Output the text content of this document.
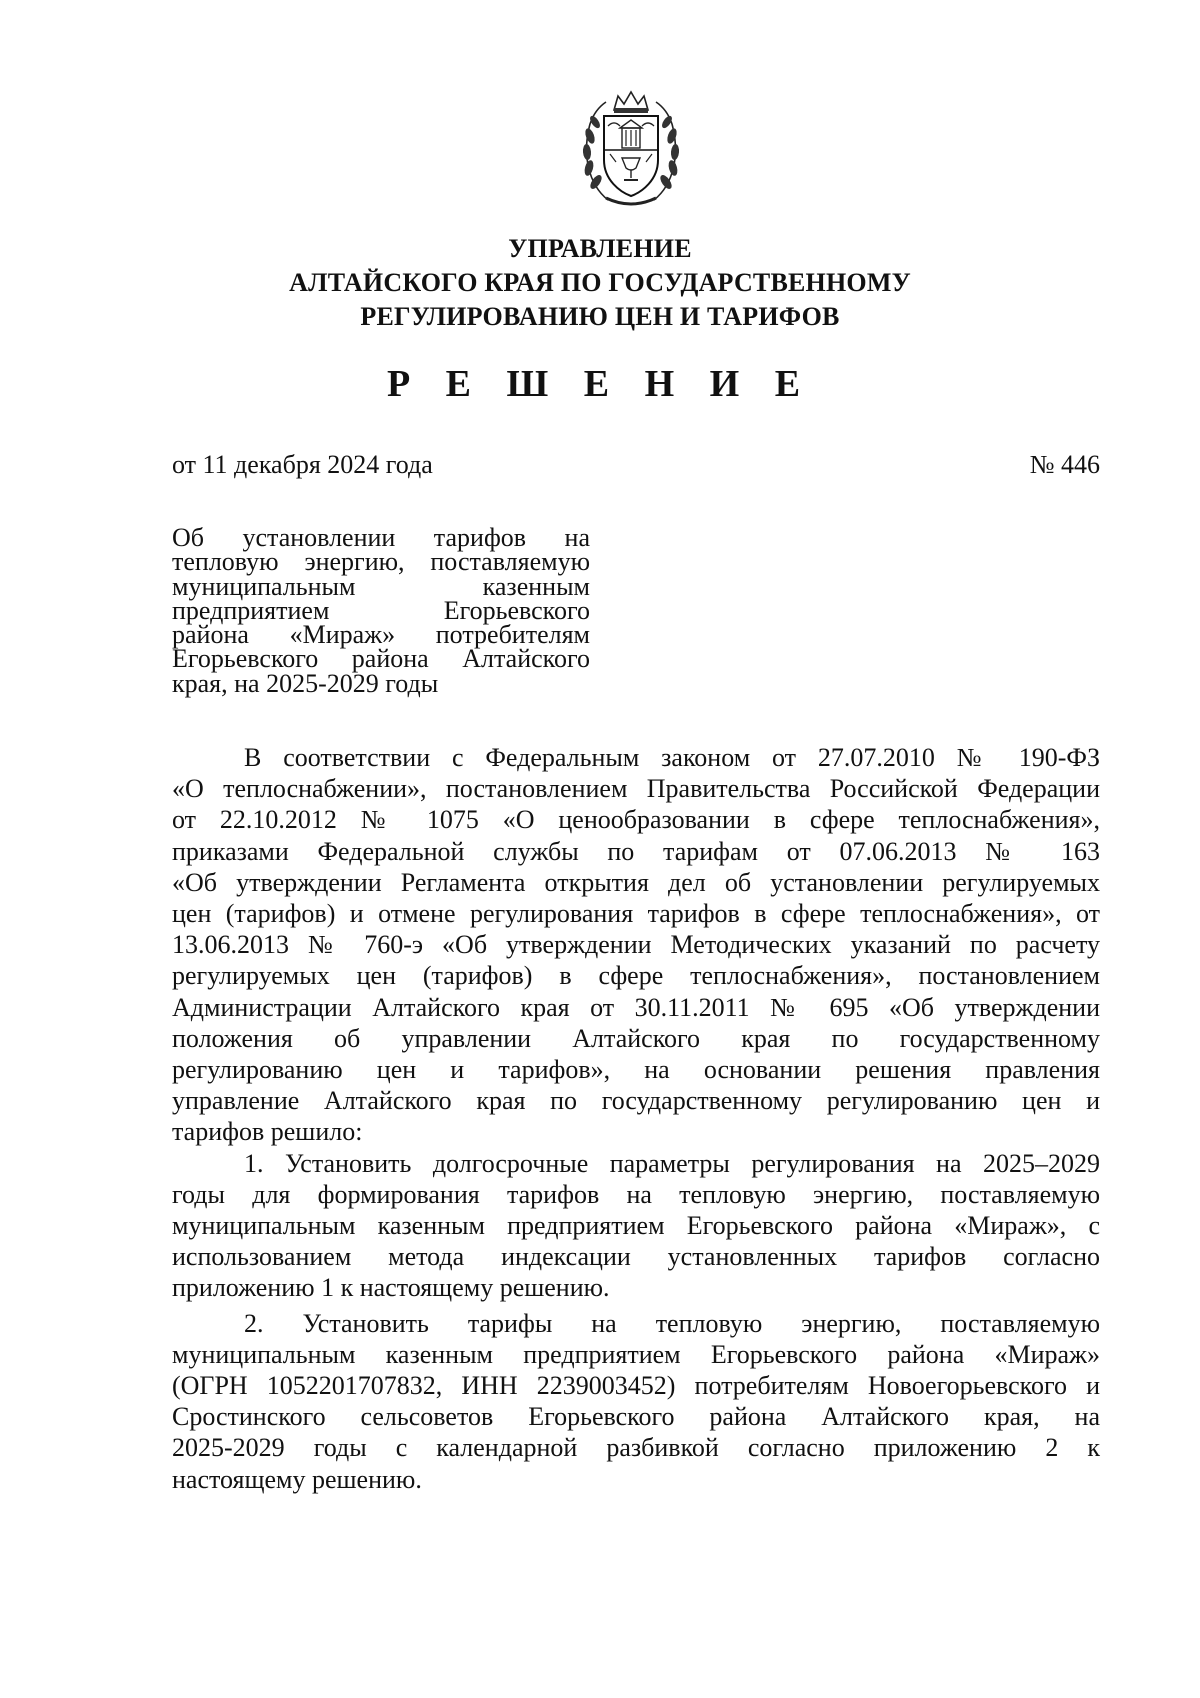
УПРАВЛЕНИЕ
АЛТАЙСКОГО КРАЯ ПО ГОСУДАРСТВЕННОМУ
РЕГУЛИРОВАНИЮ ЦЕН И ТАРИФОВ
Р Е Ш Е Н И Е
от 11 декабря 2024 года	№ 446
Об установлении тарифов на
тепловую энергию, поставляемую
муниципальным казенным
предприятием Егорьевского
района «Мираж» потребителям
Егорьевского района Алтайского
края, на 2025-2029 годы
В соответствии с Федеральным законом от 27.07.2010 № 190-ФЗ
«О теплоснабжении», постановлением Правительства Российской Федерации
от 22.10.2012 № 1075 «О ценообразовании в сфере теплоснабжения»,
приказами Федеральной службы по тарифам от 07.06.2013 № 163
«Об утверждении Регламента открытия дел об установлении регулируемых
цен (тарифов) и отмене регулирования тарифов в сфере теплоснабжения», от
13.06.2013 № 760-э «Об утверждении Методических указаний по расчету
регулируемых цен (тарифов) в сфере теплоснабжения», постановлением
Администрации Алтайского края от 30.11.2011 № 695 «Об утверждении
положения об управлении Алтайского края по государственному
регулированию цен и тарифов», на основании решения правления
управление Алтайского края по государственному регулированию цен и
тарифов решило:
1. Установить долгосрочные параметры регулирования на 2025–2029
годы для формирования тарифов на тепловую энергию, поставляемую
муниципальным казенным предприятием Егорьевского района «Мираж», с
использованием метода индексации установленных тарифов согласно
приложению 1 к настоящему решению.
2. Установить тарифы на тепловую энергию, поставляемую
муниципальным казенным предприятием Егорьевского района «Мираж»
(ОГРН 1052201707832, ИНН 2239003452) потребителям Новоегорьевского и
Сростинского сельсоветов Егорьевского района Алтайского края, на
2025-2029 годы с календарной разбивкой согласно приложению 2 к
настоящему решению.
